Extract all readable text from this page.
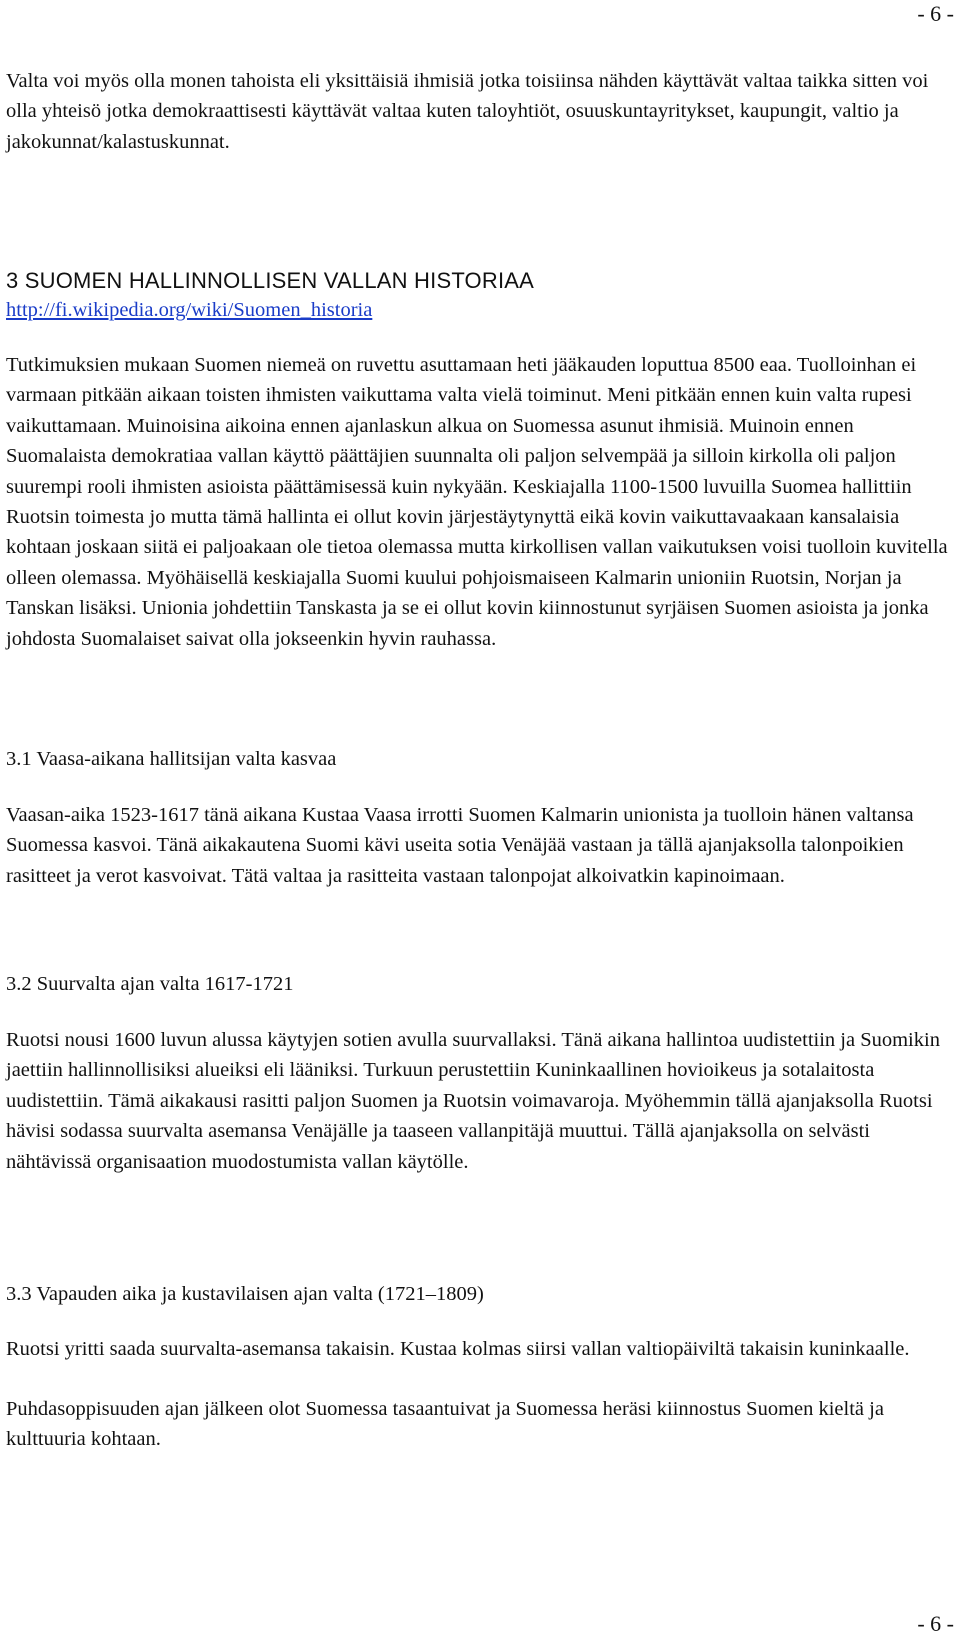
- 6 -

Valta voi myös olla monen tahoista eli yksittäisiä ihmisiä jotka toisiinsa nähden käyttävät valtaa taikka sitten voi olla yhteisö jotka demokraattisesti käyttävät valtaa kuten taloyhtiöt, osuuskuntayritykset, kaupungit, valtio ja jakokunnat/kalastuskunnat.

3 SUOMEN HALLINNOLLISEN VALLAN HISTORIAA
http://fi.wikipedia.org/wiki/Suomen_historia

Tutkimuksien mukaan Suomen niemeä on ruvettu asuttamaan heti jääkauden loputtua 8500 eaa. Tuolloinhan ei varmaan pitkään aikaan toisten ihmisten vaikuttama valta vielä toiminut. Meni pitkään ennen kuin valta rupesi vaikuttamaan. Muinoisina aikoina ennen ajanlaskun alkua on Suomessa asunut ihmisiä. Muinoin ennen Suomalaista demokratiaa vallan käyttö päättäjien suunnalta oli paljon selvempää ja silloin kirkolla oli paljon suurempi rooli ihmisten asioista päättämisessä kuin nykyään. Keskiajalla 1100-1500 luvuilla Suomea hallittiin Ruotsin toimesta jo mutta tämä hallinta ei ollut kovin järjestäytynyttä eikä kovin vaikuttavaakaan kansalaisia kohtaan joskaan siitä ei paljoakaan ole tietoa olemassa mutta kirkollisen vallan vaikutuksen voisi tuolloin kuvitella olleen olemassa. Myöhäisellä keskiajalla Suomi kuului pohjoismaiseen Kalmarin unioniin Ruotsin, Norjan ja Tanskan lisäksi. Unionia johdettiin Tanskasta ja se ei ollut kovin kiinnostunut syrjäisen Suomen asioista ja jonka johdosta Suomalaiset saivat olla jokseenkin hyvin rauhassa.

3.1 Vaasa-aikana hallitsijan valta kasvaa

Vaasan-aika 1523-1617 tänä aikana Kustaa Vaasa irrotti Suomen Kalmarin unionista ja tuolloin hänen valtansa Suomessa kasvoi. Tänä aikakautena Suomi kävi useita sotia Venäjää vastaan ja tällä ajanjaksolla talonpoikien rasitteet ja verot kasvoivat. Tätä valtaa ja rasitteita vastaan talonpojat alkoivatkin kapinoimaan.

3.2 Suurvalta ajan valta 1617-1721

Ruotsi nousi 1600 luvun alussa käytyjen sotien avulla suurvallaksi. Tänä aikana hallintoa uudistettiin ja Suomikin jaettiin hallinnollisiksi alueiksi eli lääniksi. Turkuun perustettiin Kuninkaallinen hovioikeus ja sotalaitosta uudistettiin. Tämä aikakausi rasitti paljon Suomen ja Ruotsin voimavaroja. Myöhemmin tällä ajanjaksolla Ruotsi hävisi sodassa suurvalta asemansa Venäjälle ja taaseen vallanpitäjä muuttui. Tällä ajanjaksolla on selvästi nähtävissä organisaation muodostumista vallan käytölle.

3.3 Vapauden aika ja kustavilaisen ajan valta (1721–1809)

Ruotsi yritti saada suurvalta-asemansa takaisin. Kustaa kolmas siirsi vallan valtiopäiviltä takaisin kuninkaalle.

Puhdasoppisuuden ajan jälkeen olot Suomessa tasaantuivat ja Suomessa heräsi kiinnostus Suomen kieltä ja kulttuuria kohtaan.

- 6 -
